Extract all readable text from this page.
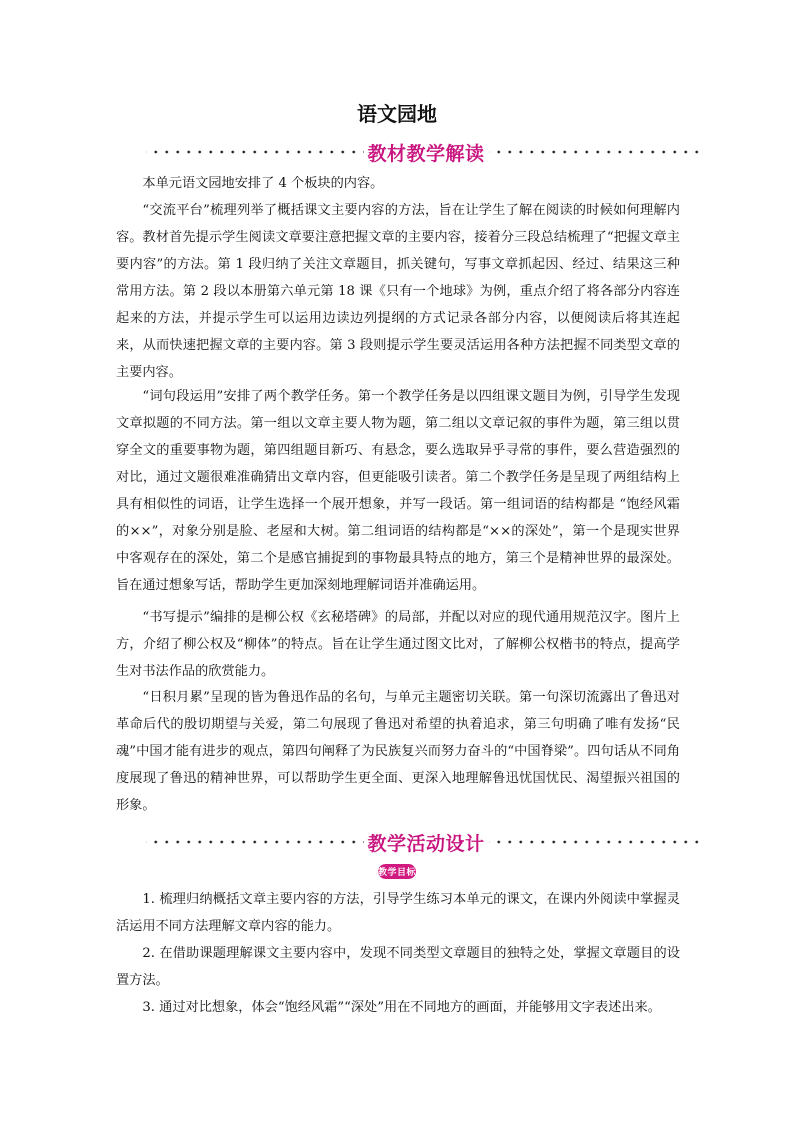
语文园地
教材教学解读

本单元语文园地安排了 4 个板块的内容。

“交流平台”梳理列举了概括课文主要内容的方法，旨在让学生了解在阅读的时候如何理解内容。教材首先提示学生阅读文章要注意把握文章的主要内容，接着分三段总结梳理了“把握文章主要内容”的方法。第 1 段归纳了关注文章题目，抓关键句，写事文章抓起因、经过、结果这三种常用方法。第 2 段以本册第六单元第 18 课《只有一个地球》为例，重点介绍了将各部分内容连起来的方法，并提示学生可以运用边读边列提纲的方式记录各部分内容，以便阅读后将其连起来，从而快速把握文章的主要内容。第 3 段则提示学生要灵活运用各种方法把握不同类型文章的主要内容。

“词句段运用”安排了两个教学任务。第一个教学任务是以四组课文题目为例，引导学生发现文章拟题的不同方法。第一组以文章主要人物为题，第二组以文章记叙的事件为题，第三组以贯穿全文的重要事物为题，第四组题目新巧、有悬念，要么选取异乎寻常的事件，要么营造强烈的对比，通过文题很难准确猜出文章内容，但更能吸引读者。第二个教学任务是呈现了两组结构上具有相似性的词语，让学生选择一个展开想象，并写一段话。第一组词语的结构都是 “饱经风霜的××”，对象分别是脸、老屋和大树。第二组词语的结构都是“××的深处”，第一个是现实世界中客观存在的深处，第二个是感官捕捉到的事物最具特点的地方，第三个是精神世界的最深处。旨在通过想象写话，帮助学生更加深刻地理解词语并准确运用。

“书写提示”编排的是柳公权《玄秘塔碑》的局部，并配以对应的现代通用规范汉字。图片上方，介绍了柳公权及“柳体”的特点。旨在让学生通过图文比对，了解柳公权楷书的特点，提高学生对书法作品的欣赏能力。

“日积月累”呈现的皆为鲁迅作品的名句，与单元主题密切关联。第一句深切流露出了鲁迅对革命后代的殷切期望与关爱，第二句展现了鲁迅对希望的执着追求，第三句明确了唯有发扬“民魂”中国才能有进步的观点，第四句阐释了为民族复兴而努力奋斗的“中国脊梁”。四句话从不同角度展现了鲁迅的精神世界，可以帮助学生更全面、更深入地理解鲁迅忧国忧民、渴望振兴祖国的形象。

教学活动设计
教学目标

1. 梳理归纳概括文章主要内容的方法，引导学生练习本单元的课文，在课内外阅读中掌握灵活运用不同方法理解文章内容的能力。

2. 在借助课题理解课文主要内容中，发现不同类型文章题目的独特之处，掌握文章题目的设置方法。

3. 通过对比想象，体会“饱经风霜”“深处”用在不同地方的画面，并能够用文字表述出来。
